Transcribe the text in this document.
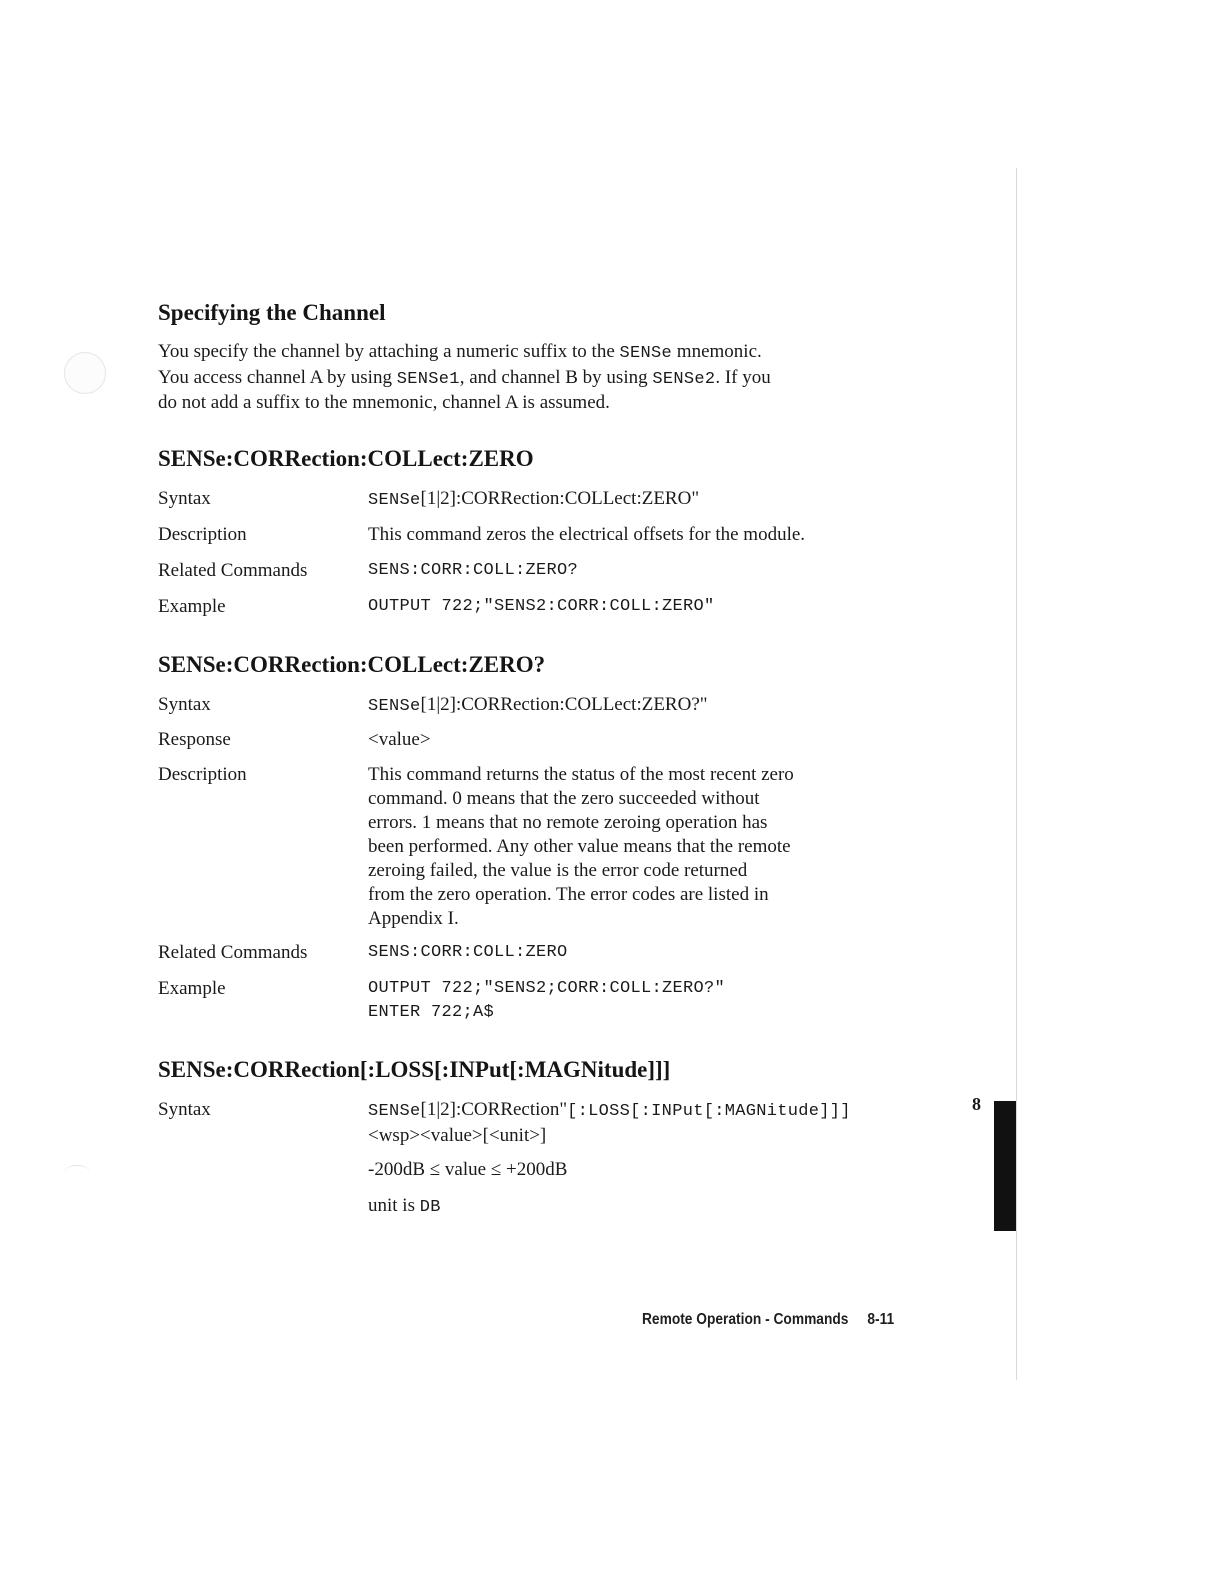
Specifying the Channel
You specify the channel by attaching a numeric suffix to the SENSe mnemonic.
You access channel A by using SENSe1, and channel B by using SENSe2. If you
do not add a suffix to the mnemonic, channel A is assumed.
SENSe:CORRection:COLLect:ZERO
Syntax	SENSe[1|2]:CORRection:COLLect:ZERO"
Description	This command zeros the electrical offsets for the module.
Related Commands	SENS:CORR:COLL:ZERO?
Example	OUTPUT 722;"SENS2:CORR:COLL:ZERO"
SENSe:CORRection:COLLect:ZERO?
Syntax	SENSe[1|2]:CORRection:COLLect:ZERO?"
Response	<value>
Description	This command returns the status of the most recent zero
command. 0 means that the zero succeeded without
errors. 1 means that no remote zeroing operation has
been performed. Any other value means that the remote
zeroing failed, the value is the error code returned
from the zero operation. The error codes are listed in
Appendix I.
Related Commands	SENS:CORR:COLL:ZERO
Example	OUTPUT 722;"SENS2;CORR:COLL:ZERO?"
ENTER 722;A$
SENSe:CORRection[:LOSS[:INPut[:MAGNitude]]]
Syntax	SENSe[1|2]:CORRection"[:LOSS[:INPut[:MAGNitude]]]
<wsp><value>[<unit>]
-200dB ≤ value ≤ +200dB
unit is DB
8
Remote Operation - Commands 8-11
